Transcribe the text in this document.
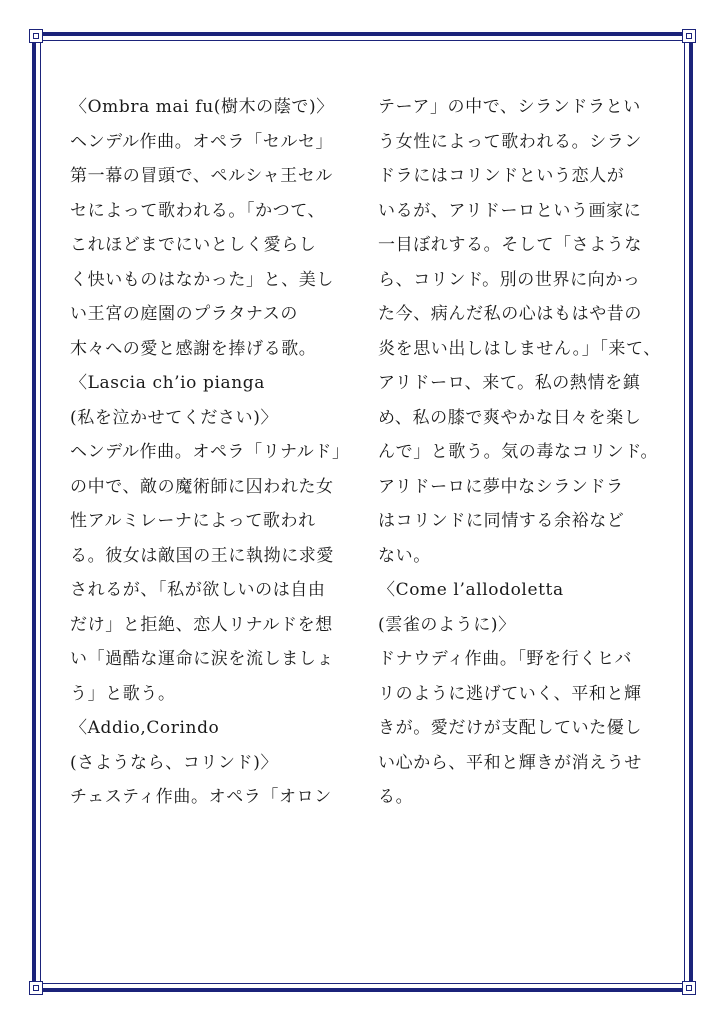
〈Ombra mai fu(樹木の蔭で)〉
ヘンデル作曲。オペラ「セルセ」
第一幕の冒頭で、ペルシャ王セル
セによって歌われる。「かつて、
これほどまでにいとしく愛らし
く快いものはなかった」と、美し
い王宮の庭園のプラタナスの
木々への愛と感謝を捧げる歌。
〈Lascia ch’io pianga
(私を泣かせてください)〉
ヘンデル作曲。オペラ「リナルド」
の中で、敵の魔術師に囚われた女
性アルミレーナによって歌われ
る。彼女は敵国の王に執拗に求愛
されるが、「私が欲しいのは自由
だけ」と拒絶、恋人リナルドを想
い「過酷な運命に涙を流しましょ
う」と歌う。
〈Addio,Corindo
(さようなら、コリンド)〉
チェスティ作曲。オペラ「オロン
テーア」の中で、シランドラとい
う女性によって歌われる。シラン
ドラにはコリンドという恋人が
いるが、アリドーロという画家に
一目ぼれする。そして「さような
ら、コリンド。別の世界に向かっ
た今、病んだ私の心はもはや昔の
炎を思い出しはしません。」「来て、
アリドーロ、来て。私の熱情を鎮
め、私の膝で爽やかな日々を楽し
んで」と歌う。気の毒なコリンド。
アリドーロに夢中なシランドラ
はコリンドに同情する余裕など
ない。
〈Come l’allodoletta
(雲雀のように)〉
ドナウディ作曲。「野を行くヒバ
リのように逃げていく、平和と輝
きが。愛だけが支配していた優し
い心から、平和と輝きが消えうせ
る。
